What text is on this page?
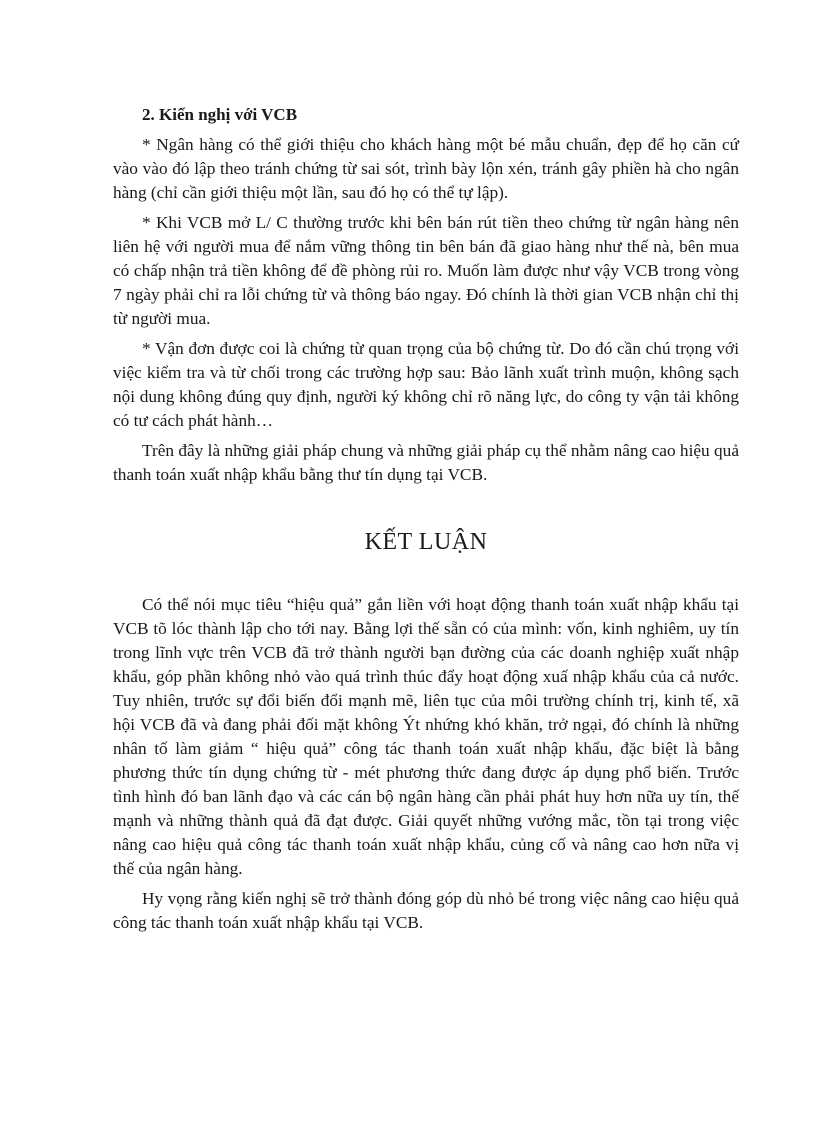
2. Kiến nghị với VCB

* Ngân hàng có thể giới thiệu cho khách hàng một bé mẫu chuẩn, đẹp để họ căn cứ vào vào đó lập theo tránh chứng từ sai sót, trình bày lộn xén, tránh gây phiền hà cho ngân hàng (chỉ cần giới thiệu một lần, sau đó họ có thể tự lập).

* Khi VCB mở L/ C thường trước khi bên bán rút tiền theo chứng từ ngân hàng nên liên hệ với người mua để nắm vững thông tin bên bán đã giao hàng như thế nà, bên mua có chấp nhận trả tiền không để đề phòng rủi ro. Muốn làm được như vậy VCB trong vòng 7 ngày phải chỉ ra lỗi chứng từ và thông báo ngay. Đó chính là thời gian VCB nhận chỉ thị từ người mua.

* Vận đơn được coi là chứng từ quan trọng của bộ chứng từ. Do đó cần chú trọng với việc kiểm tra và từ chối trong các trường hợp sau: Bảo lãnh xuất trình muộn, không sạch nội dung không đúng quy định, người ký không chỉ rõ năng lực, do công ty vận tải không có tư cách phát hành…

Trên đây là những giải pháp chung và những giải pháp cụ thể nhằm nâng cao hiệu quả thanh toán xuất nhập khẩu bằng thư tín dụng tại VCB.

KẾT LUẬN

Có thể nói mục tiêu “hiệu quả” gắn liền với hoạt động thanh toán xuất nhập khẩu tại VCB tõ lóc thành lập cho tới nay. Bằng lợi thế sẵn có của mình: vốn, kinh nghiêm, uy tín trong lĩnh vực trên VCB đã trở thành người bạn đường của các doanh nghiệp xuất nhập khẩu, góp phần không nhỏ vào quá trình thúc đẩy hoạt động xuấ nhập khẩu của cả nước. Tuy nhiên, trước sự đổi biến đổi mạnh mẽ, liên tục của môi trường chính trị, kinh tế, xã hội VCB đã và đang phải đối mặt không Ýt nhứng khó khăn, trở ngại, đó chính là những nhân tố làm giảm “ hiệu quả” công tác thanh toán xuất nhập khẩu, đặc biệt là bằng phương thức tín dụng chứng từ - mét phương thức đang được áp dụng phổ biến. Trước tình hình đó ban lãnh đạo và các cán bộ ngân hàng cần phải phát huy hơn nữa uy tín, thế mạnh và những thành quả đã đạt được. Giải quyết những vướng mắc, tồn tại trong việc nâng cao hiệu quả công tác thanh toán xuất nhập khẩu, củng cố và nâng cao hơn nữa vị thế của ngân hàng.

Hy vọng rằng kiến nghị sẽ trở thành đóng góp dù nhỏ bé trong việc nâng cao hiệu quả công tác thanh toán xuất nhập khẩu tại VCB.
